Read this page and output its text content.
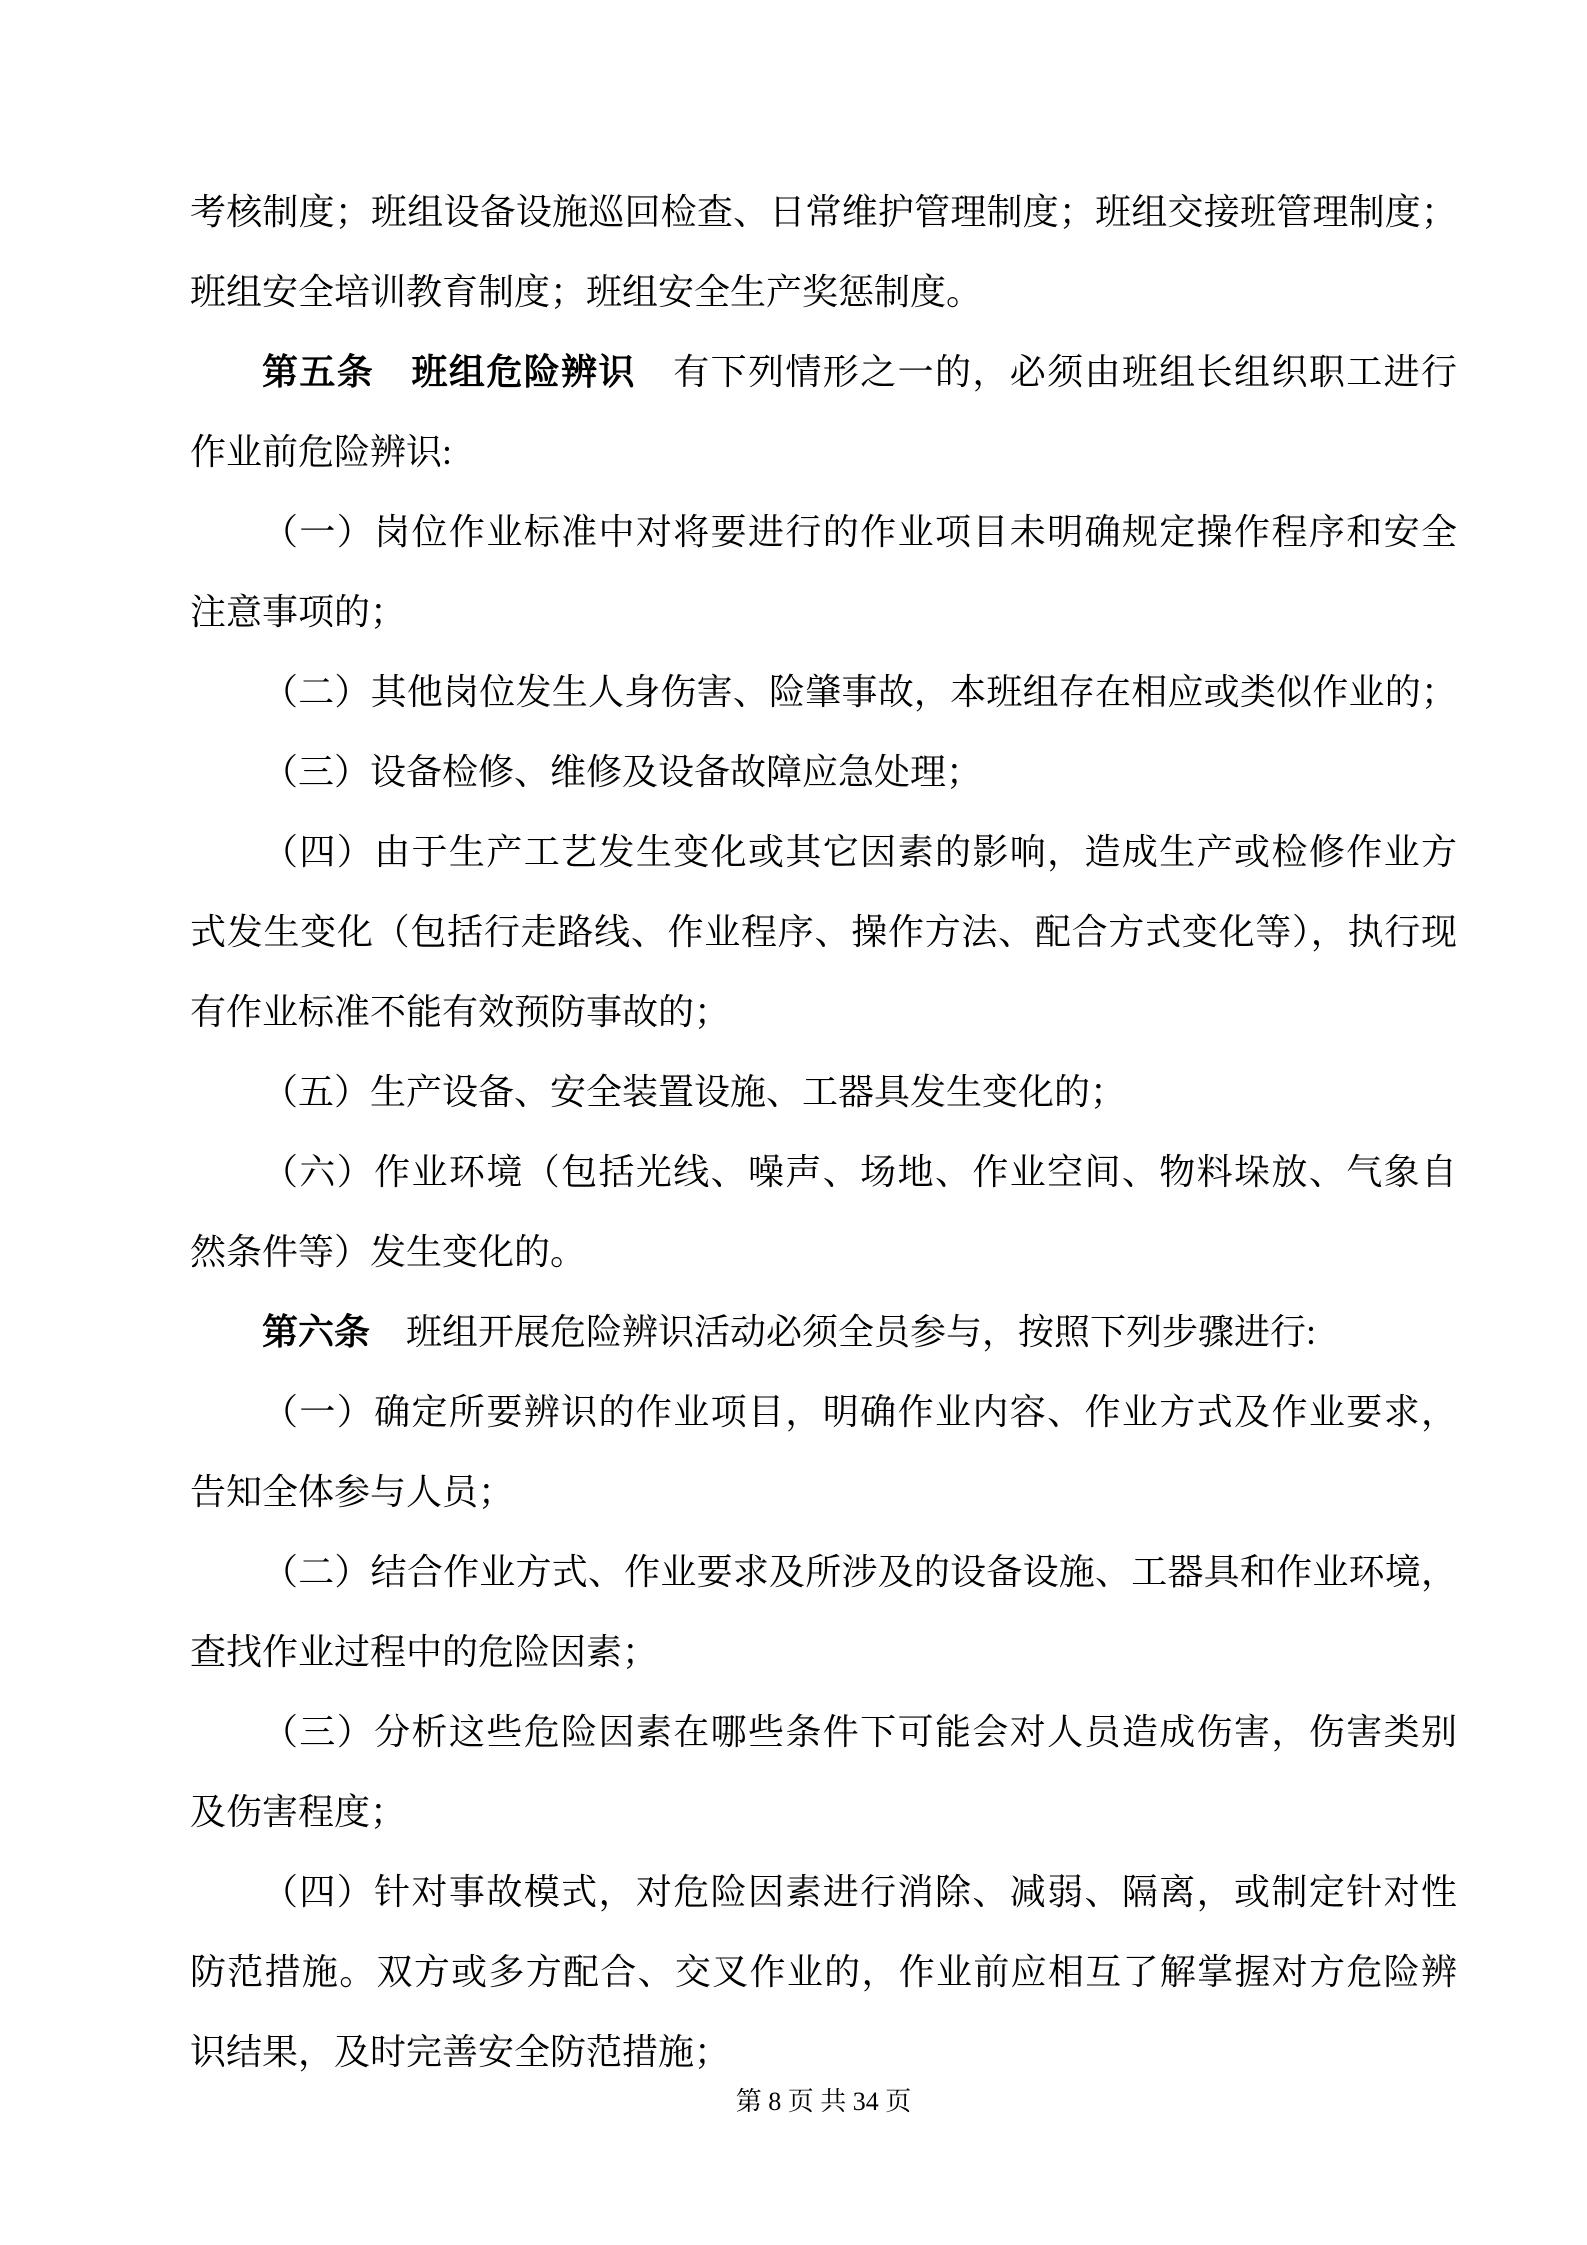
考核制度；班组设备设施巡回检查、日常维护管理制度；班组交接班管理制度；
班组安全培训教育制度；班组安全生产奖惩制度。
第五条　班组危险辨识　有下列情形之一的，必须由班组长组织职工进行
作业前危险辨识:
（一）岗位作业标准中对将要进行的作业项目未明确规定操作程序和安全
注意事项的；
（二）其他岗位发生人身伤害、险肇事故，本班组存在相应或类似作业的；
（三）设备检修、维修及设备故障应急处理；
（四）由于生产工艺发生变化或其它因素的影响，造成生产或检修作业方
式发生变化（包括行走路线、作业程序、操作方法、配合方式变化等），执行现
有作业标准不能有效预防事故的；
（五）生产设备、安全装置设施、工器具发生变化的；
（六）作业环境（包括光线、噪声、场地、作业空间、物料垛放、气象自
然条件等）发生变化的。
第六条　班组开展危险辨识活动必须全员参与，按照下列步骤进行:
（一）确定所要辨识的作业项目，明确作业内容、作业方式及作业要求，
告知全体参与人员；
（二）结合作业方式、作业要求及所涉及的设备设施、工器具和作业环境，
查找作业过程中的危险因素；
（三）分析这些危险因素在哪些条件下可能会对人员造成伤害，伤害类别
及伤害程度；
（四）针对事故模式，对危险因素进行消除、减弱、隔离，或制定针对性
防范措施。双方或多方配合、交叉作业的，作业前应相互了解掌握对方危险辨
识结果，及时完善安全防范措施；
第 8 页 共 34 页
